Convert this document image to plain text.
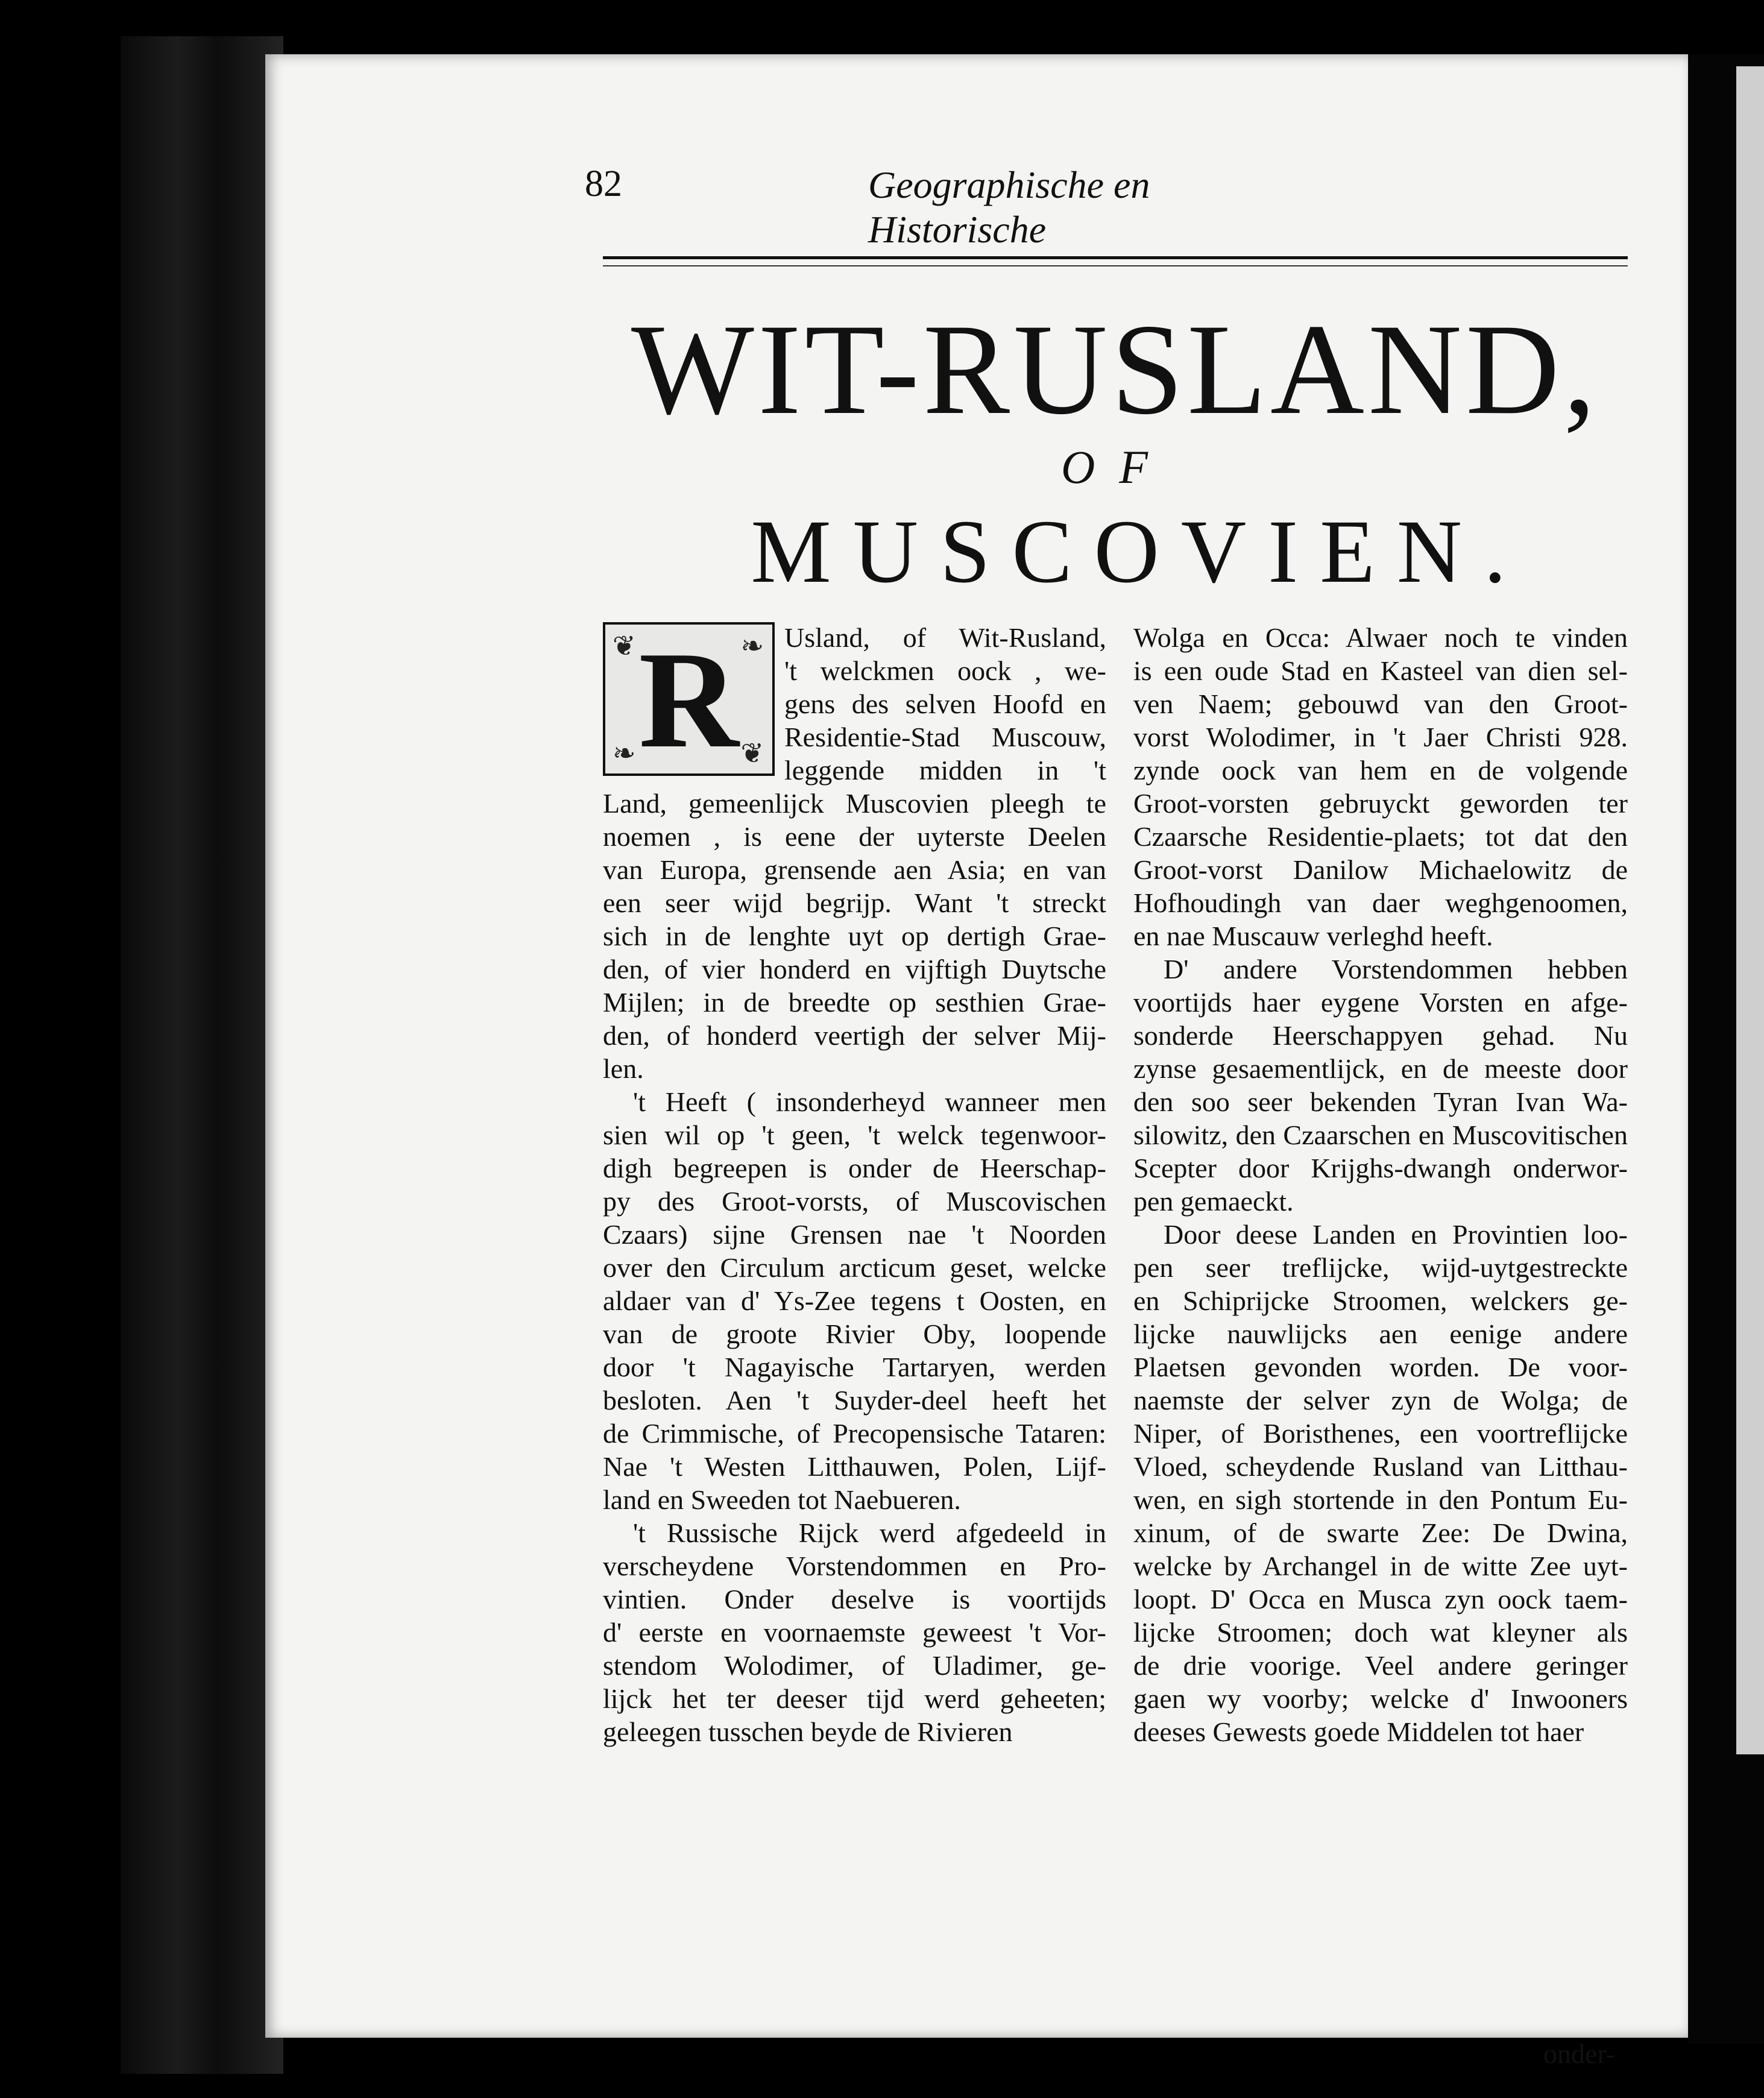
82	Geographische en Historische
WIT-RUSLAND,
OF
MUSCOVIEN.
❦	❧
❧	❦
R	Usland, of Wit-Rusland,
't welckmen oock , we-
gens des selven Hoofd en
Residentie-Stad Muscouw,
leggende midden in 't
Land, gemeenlijck Muscovien pleegh te
noemen , is eene der uyterste Deelen
van Europa, grensende aen Asia; en van
een seer wijd begrijp. Want 't streckt
sich in de lenghte uyt op dertigh Grae-
den, of vier honderd en vijftigh Duytsche
Mijlen; in de breedte op sesthien Grae-
den, of honderd veertigh der selver Mij-
len.
't Heeft ( insonderheyd wanneer men
sien wil op 't geen, 't welck tegenwoor-
digh begreepen is onder de Heerschap-
py des Groot-vorsts, of Muscovischen
Czaars) sijne Grensen nae 't Noorden
over den Circulum arcticum geset, welcke
aldaer van d' Ys-Zee tegens t Oosten, en
van de groote Rivier Oby, loopende
door 't Nagayische Tartaryen, werden
besloten. Aen 't Suyder-deel heeft het
de Crimmische, of Precopensische Tataren:
Nae 't Westen Litthauwen, Polen, Lijf-
land en Sweeden tot Naebueren.
't Russische Rijck werd afgedeeld in
verscheydene Vorstendommen en Pro-
vintien. Onder deselve is voortijds
d' eerste en voornaemste geweest 't Vor-
stendom Wolodimer, of Uladimer, ge-
lijck het ter deeser tijd werd geheeten;
geleegen tusschen beyde de Rivieren
Wolga en Occa: Alwaer noch te vinden
is een oude Stad en Kasteel van dien sel-
ven Naem; gebouwd van den Groot-
vorst Wolodimer, in 't Jaer Christi 928.
zynde oock van hem en de volgende
Groot-vorsten gebruyckt geworden ter
Czaarsche Residentie-plaets; tot dat den
Groot-vorst Danilow Michaelowitz de
Hofhoudingh van daer weghgenoomen,
en nae Muscauw verleghd heeft.
D' andere Vorstendommen hebben
voortijds haer eygene Vorsten en afge-
sonderde Heerschappyen gehad. Nu
zynse gesaementlijck, en de meeste door
den soo seer bekenden Tyran Ivan Wa-
silowitz, den Czaarschen en Muscovitischen
Scepter door Krijghs-dwangh onderwor-
pen gemaeckt.
Door deese Landen en Provintien loo-
pen seer treflijcke, wijd-uytgestreckte
en Schiprijcke Stroomen, welckers ge-
lijcke nauwlijcks aen eenige andere
Plaetsen gevonden worden. De voor-
naemste der selver zyn de Wolga; de
Niper, of Boristhenes, een voortreflijcke
Vloed, scheydende Rusland van Litthau-
wen, en sigh stortende in den Pontum Eu-
xinum, of de swarte Zee: De Dwina,
welcke by Archangel in de witte Zee uyt-
loopt. D' Occa en Musca zyn oock taem-
lijcke Stroomen; doch wat kleyner als
de drie voorige. Veel andere geringer
gaen wy voorby; welcke d' Inwooners
deeses Gewests goede Middelen tot haer
onder-
